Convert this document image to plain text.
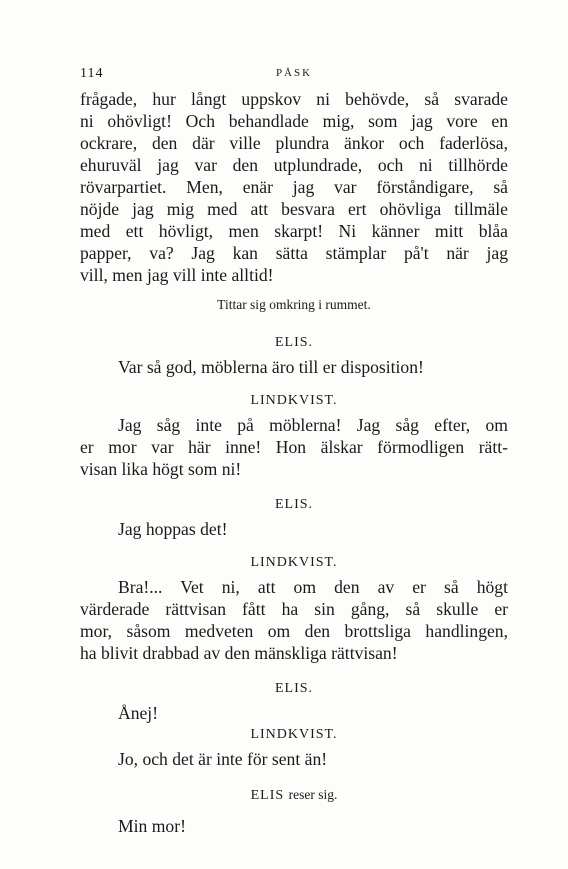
114	PÅSK
frågade, hur långt uppskov ni behövde, så svarade
ni ohövligt! Och behandlade mig, som jag vore en
ockrare, den där ville plundra änkor och faderlösa,
ehuruväl jag var den utplundrade, och ni tillhörde
rövarpartiet. Men, enär jag var förståndigare, så
nöjde jag mig med att besvara ert ohövliga tillmäle
med ett hövligt, men skarpt! Ni känner mitt blåa
papper, va? Jag kan sätta stämplar på't när jag
vill, men jag vill inte alltid!

Tittar sig omkring i rummet.

ELIS.

Var så god, möblerna äro till er disposition!

LINDKVIST.

Jag såg inte på möblerna! Jag såg efter, om
er mor var här inne! Hon älskar förmodligen rätt-
visan lika högt som ni!

ELIS.

Jag hoppas det!

LINDKVIST.

Bra!... Vet ni, att om den av er så högt
värderade rättvisan fått ha sin gång, så skulle er
mor, såsom medveten om den brottsliga handlingen,
ha blivit drabbad av den mänskliga rättvisan!

ELIS.

Ånej!

LINDKVIST.

Jo, och det är inte för sent än!

ELIS reser sig.

Min mor!
